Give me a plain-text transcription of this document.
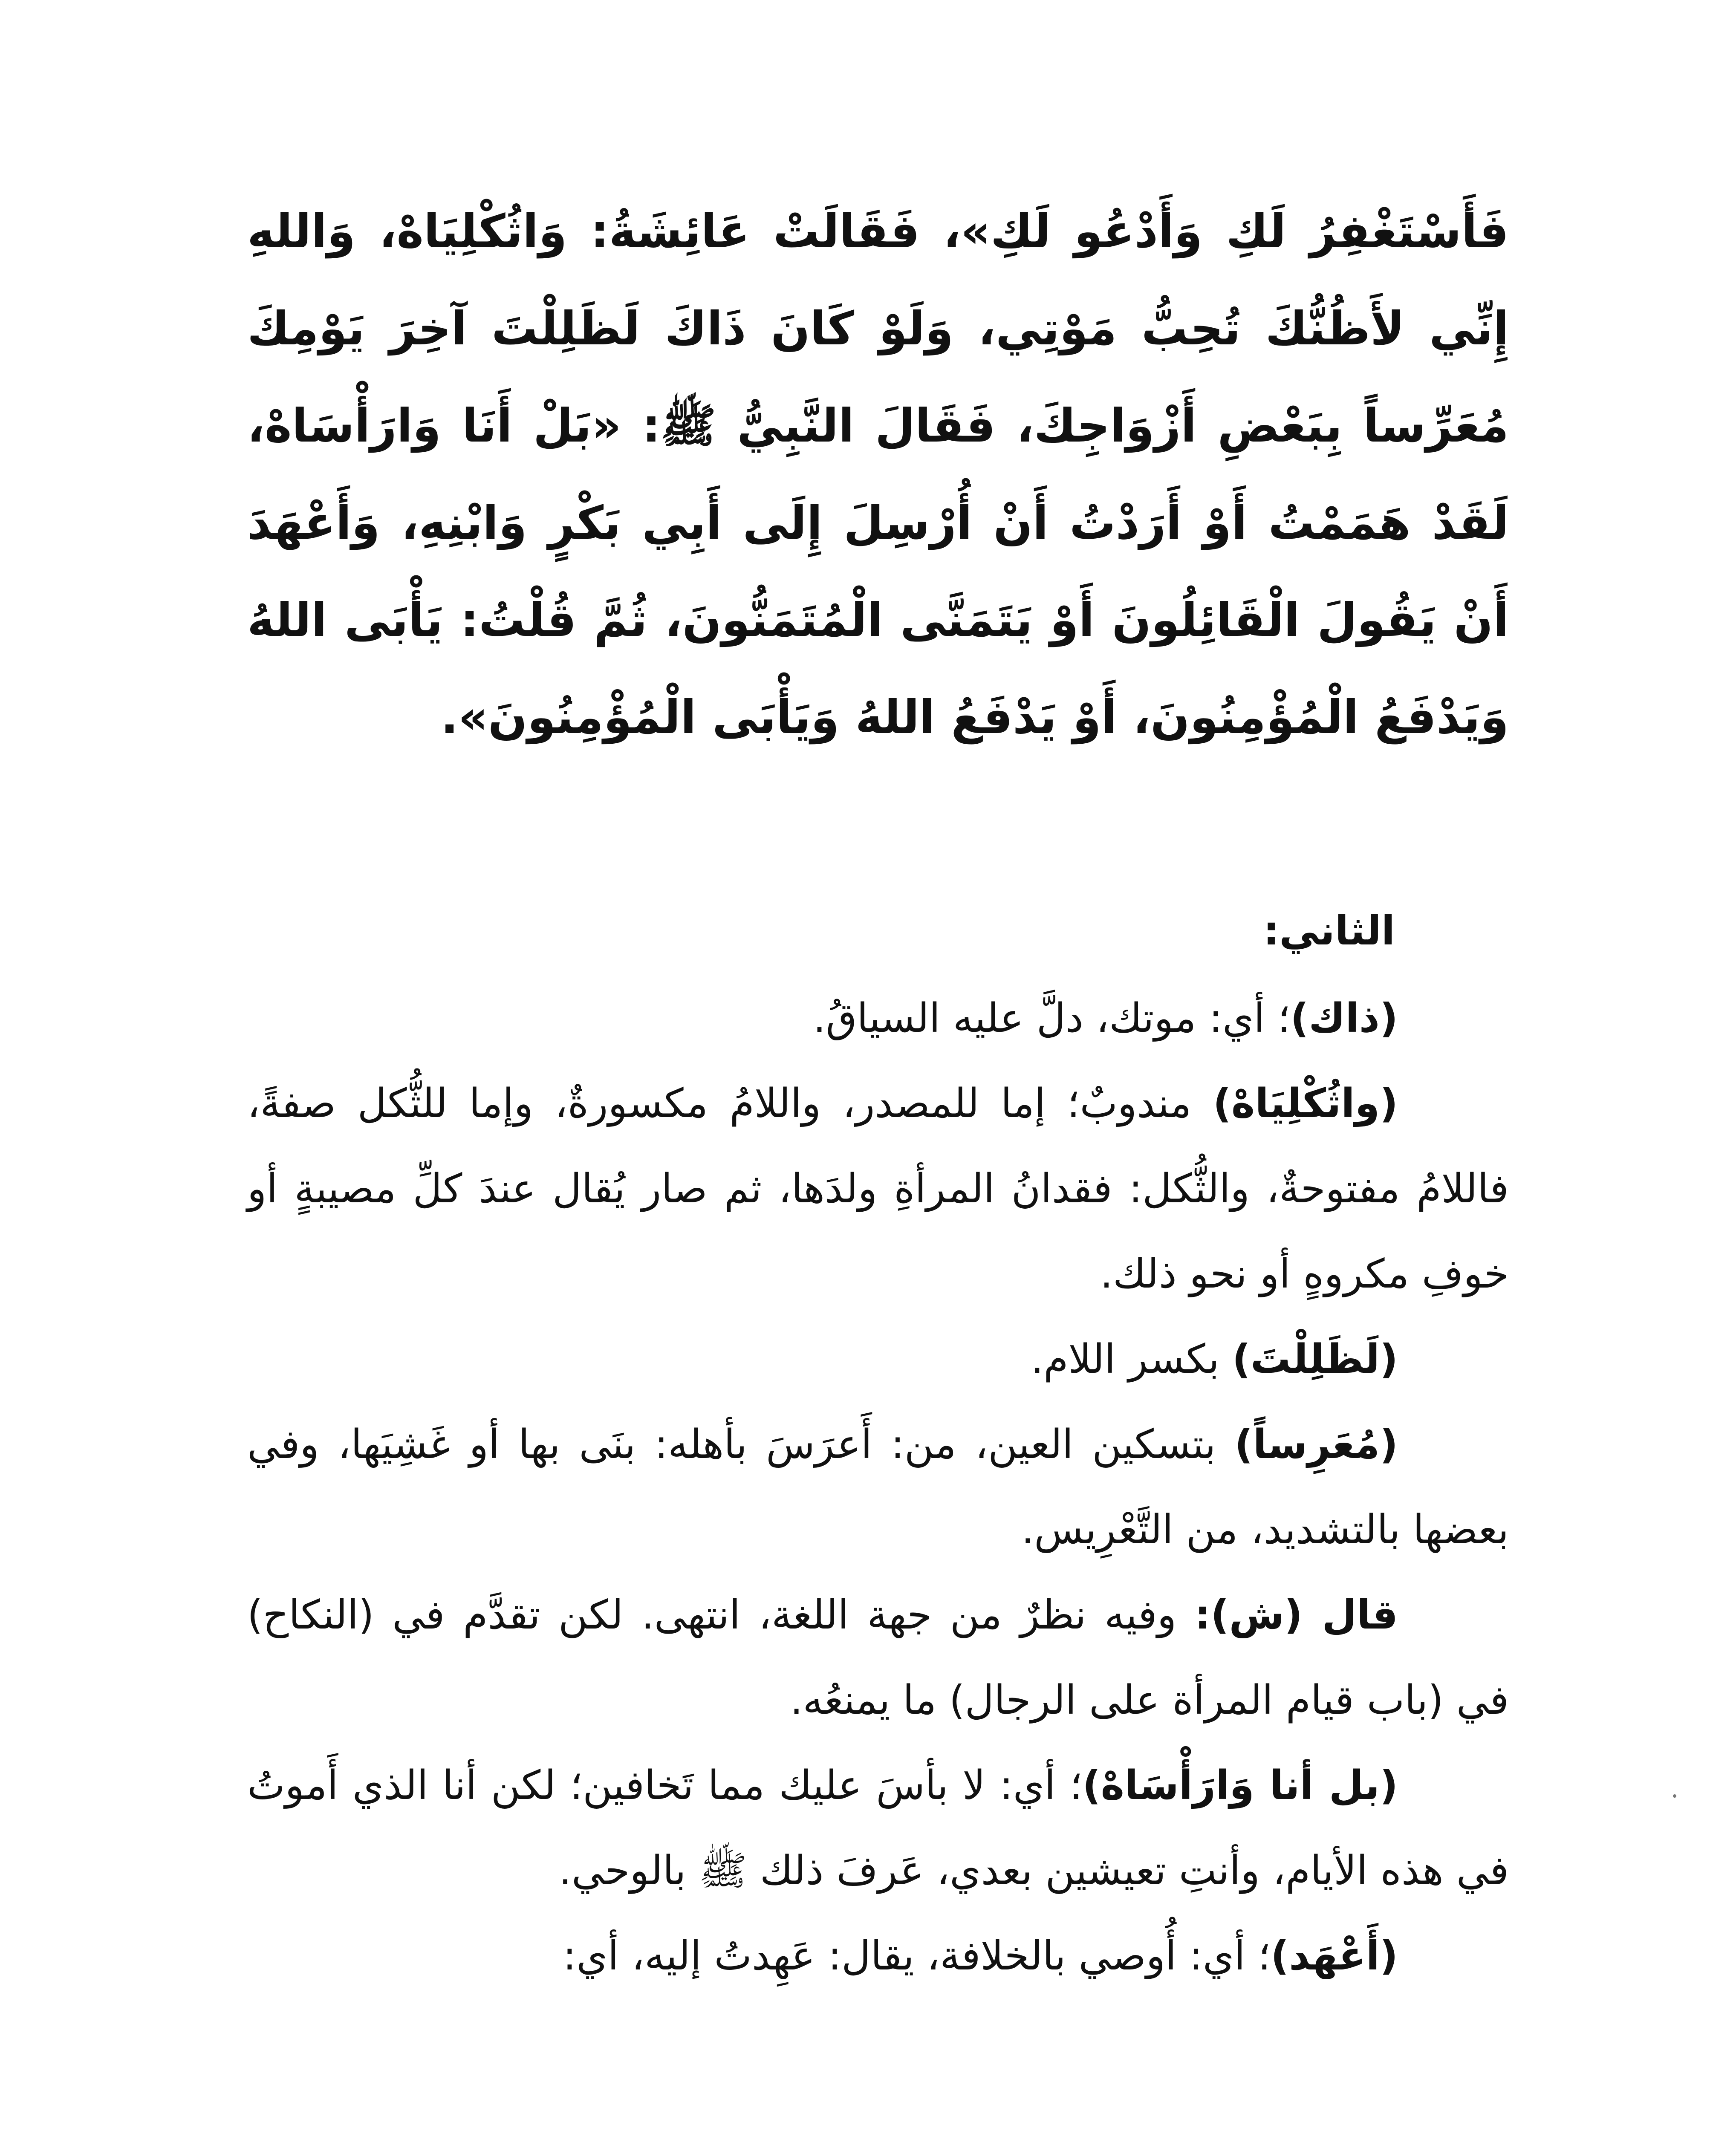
فَأَسْتَغْفِرُ لَكِ وَأَدْعُو لَكِ»، فَقَالَتْ عَائِشَةُ: وَاثُكْلِيَاهْ، وَاللهِ إِنِّي لأَظُنُّكَ تُحِبُّ مَوْتِي، وَلَوْ كَانَ ذَاكَ لَظَلِلْتَ آخِرَ يَوْمِكَ مُعَرِّساً بِبَعْضِ أَزْوَاجِكَ، فَقَالَ النَّبِيُّ ﷺ: «بَلْ أَنَا وَارَأْسَاهْ، لَقَدْ هَمَمْتُ أَوْ أَرَدْتُ أَنْ أُرْسِلَ إِلَى أَبِي بَكْرٍ وَابْنِهِ، وَأَعْهَدَ أَنْ يَقُولَ الْقَائِلُونَ أَوْ يَتَمَنَّى الْمُتَمَنُّونَ، ثُمَّ قُلْتُ: يَأْبَى اللهُ وَيَدْفَعُ الْمُؤْمِنُونَ، أَوْ يَدْفَعُ اللهُ وَيَأْبَى الْمُؤْمِنُونَ».
الثاني:

(ذاك)؛ أي: موتك، دلَّ عليه السياقُ.

(واثُكْلِيَاهْ) مندوبٌ؛ إما للمصدر، واللامُ مكسورةٌ، وإما للثُّكل صفةً، فاللامُ مفتوحةٌ، والثُّكل: فقدانُ المرأةِ ولدَها، ثم صار يُقال عندَ كلِّ مصيبةٍ أو خوفِ مكروهٍ أو نحو ذلك.

(لَظَلِلْتَ) بكسر اللام.

(مُعَرِساً) بتسكين العين، من: أَعرَسَ بأهله: بنَى بها أو غَشِيَها، وفي بعضها بالتشديد، من التَّعْرِيس.

قال (ش): وفيه نظرٌ من جهة اللغة، انتهى. لكن تقدَّم في (النكاح) في (باب قيام المرأة على الرجال) ما يمنعُه.

(بل أنا وَارَأْسَاهْ)؛ أي: لا بأسَ عليك مما تَخافين؛ لكن أنا الذي أَموتُ في هذه الأيام، وأنتِ تعيشين بعدي، عَرفَ ذلك ﷺ بالوحي.

(أَعْهَد)؛ أي: أُوصي بالخلافة، يقال: عَهِدتُ إليه، أي:
